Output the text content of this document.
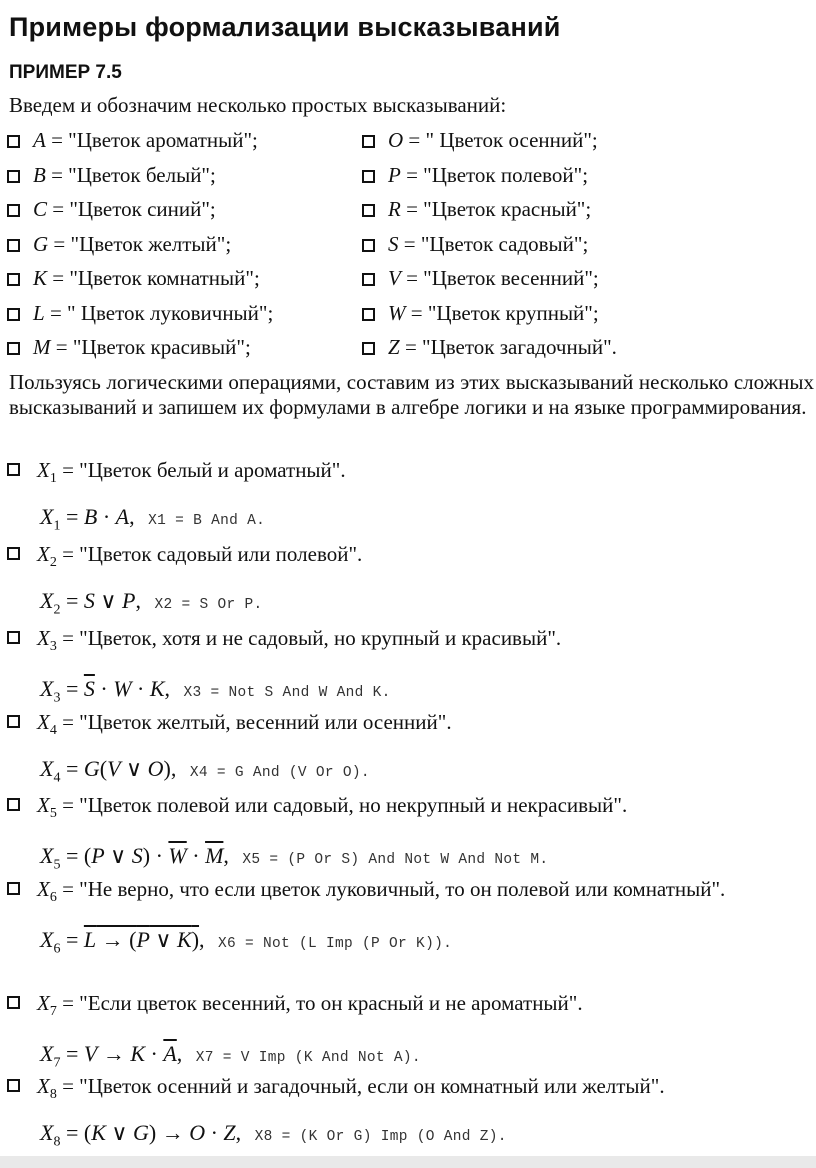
Примеры формализации высказываний
ПРИМЕР 7.5
Введем и обозначим несколько простых высказываний:
A = "Цветок ароматный";	O = " Цветок осенний";
B = "Цветок белый";	P = "Цветок полевой";
C = "Цветок синий";	R = "Цветок красный";
G = "Цветок желтый";	S = "Цветок садовый";
K = "Цветок комнатный";	V = "Цветок весенний";
L = " Цветок луковичный";	W = "Цветок крупный";
M = "Цветок красивый";	Z = "Цветок загадочный".
Пользуясь логическими операциями, составим из этих высказываний несколько сложных высказываний и запишем их формулами в алгебре логики и на языке программирования.
$X_1$ = "Цветок белый и ароматный".
$X_1 = B \cdot A$, X1 = B And A.
$X_2$ = "Цветок садовый или полевой".
$X_2 = S$ ∨ P, X2 = S Or P.
$X_3$ = "Цветок, хотя и не садовый, но крупный и красивый".
$X_3 = \overline{S} \cdot W \cdot K$, X3 = Not S And W And K.
$X_4$ = "Цветок желтый, весенний или осенний".
$X_4 = G(V$ ∨ O), X4 = G And (V Or O).
$X_5$ = "Цветок полевой или садовый, но некрупный и некрасивый".
$X_5 = (P$ ∨ $S) \cdot \overline{W} \cdot \overline{M}$, X5 = (P Or S) And Not W And Not M.
$X_6$ = "Не верно, что если цветок луковичный, то он полевой или комнатный".
$X_6 = L \to (P$ ∨ K), X6 = Not (L Imp (P Or K)).
$X_7$ = "Если цветок весенний, то он красный и не ароматный".
$X_7 = V \to K \cdot \overline{A}$, X7 = V Imp (K And Not A).
$X_8$ = "Цветок осенний и загадочный, если он комнатный или желтый".
$X_8 = (K$ ∨ G) → O · Z, X8 = (K Or G) Imp (O And Z).
